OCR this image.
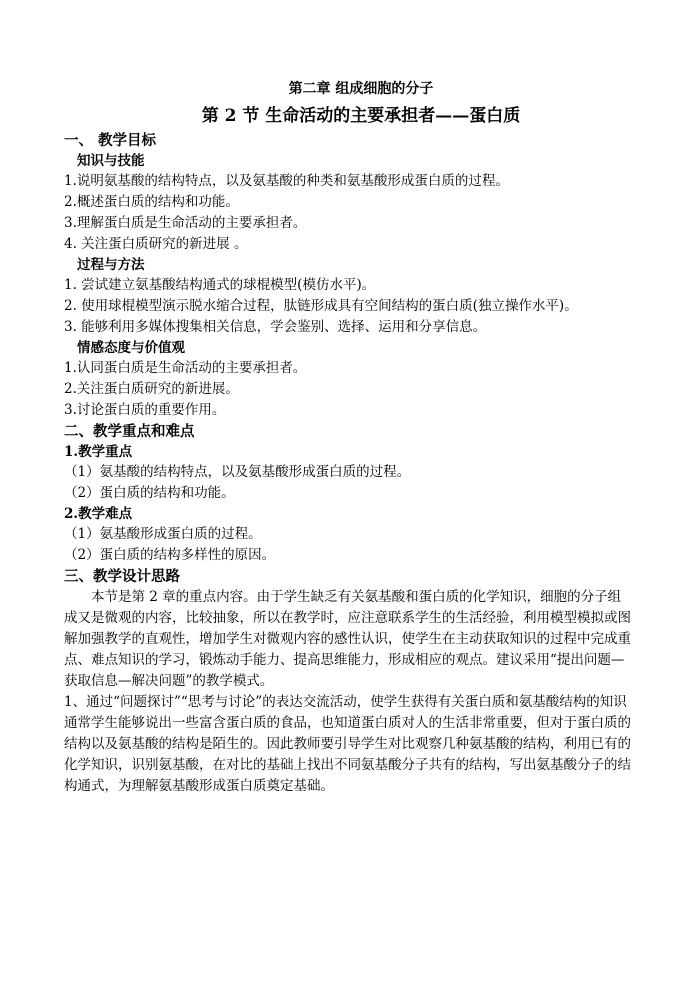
第二章 组成细胞的分子
第 2 节 生命活动的主要承担者——蛋白质
一、 教学目标
知识与技能

1.说明氨基酸的结构特点，以及氨基酸的种类和氨基酸形成蛋白质的过程。

2.概述蛋白质的结构和功能。

3.理解蛋白质是生命活动的主要承担者。

4. 关注蛋白质研究的新进展 。

过程与方法

1. 尝试建立氨基酸结构通式的球棍模型(模仿水平)。

2. 使用球棍模型演示脱水缩合过程，肽链形成具有空间结构的蛋白质(独立操作水平)。

3. 能够利用多媒体搜集相关信息，学会鉴别、选择、运用和分享信息。

情感态度与价值观

1.认同蛋白质是生命活动的主要承担者。

2.关注蛋白质研究的新进展。

3.讨论蛋白质的重要作用。

二、教学重点和难点
1.教学重点

（1）氨基酸的结构特点，以及氨基酸形成蛋白质的过程。

（2）蛋白质的结构和功能。

2.教学难点

（1）氨基酸形成蛋白质的过程。

（2）蛋白质的结构多样性的原因。

三、教学设计思路

本节是第 2 章的重点内容。由于学生缺乏有关氨基酸和蛋白质的化学知识，细胞的分子组成又是微观的内容，比较抽象，所以在教学时，应注意联系学生的生活经验，利用模型模拟或图解加强教学的直观性，增加学生对微观内容的感性认识，使学生在主动获取知识的过程中完成重点、难点知识的学习，锻炼动手能力、提高思维能力，形成相应的观点。建议采用“提出问题—获取信息—解决问题”的教学模式。

1、通过“问题探讨”“思考与讨论”的表达交流活动，使学生获得有关蛋白质和氨基酸结构的知识

通常学生能够说出一些富含蛋白质的食品，也知道蛋白质对人的生活非常重要，但对于蛋白质的结构以及氨基酸的结构是陌生的。因此教师要引导学生对比观察几种氨基酸的结构，利用已有的化学知识，识别氨基酸，在对比的基础上找出不同氨基酸分子共有的结构，写出氨基酸分子的结构通式，为理解氨基酸形成蛋白质奠定基础。
